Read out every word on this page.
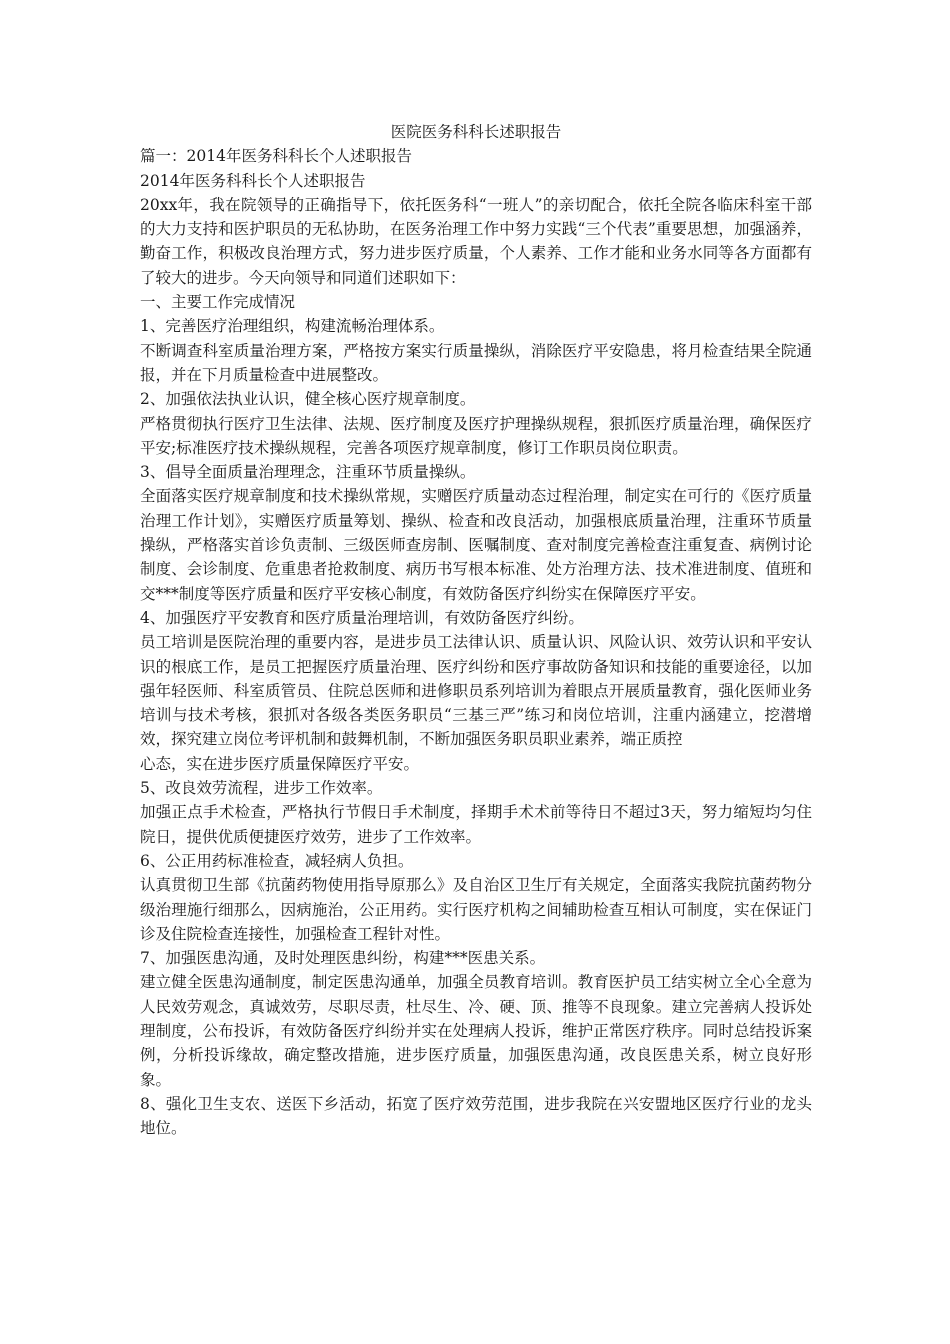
医院医务科科长述职报告

篇一：2014年医务科科长个人述职报告

2014年医务科科长个人述职报告

20xx年，我在院领导的正确指导下，依托医务科“一班人”的亲切配合，依托全院各临床科室干部的大力支持和医护职员的无私协助，在医务治理工作中努力实践“三个代表”重要思想，加强涵养，勤奋工作，积极改良治理方式，努力进步医疗质量，个人素养、工作才能和业务水同等各方面都有了较大的进步。今天向领导和同道们述职如下：

一、主要工作完成情况

1、完善医疗治理组织，构建流畅治理体系。

不断调查科室质量治理方案，严格按方案实行质量操纵，消除医疗平安隐患，将月检查结果全院通报，并在下月质量检查中进展整改。

2、加强依法执业认识，健全核心医疗规章制度。

严格贯彻执行医疗卫生法律、法规、医疗制度及医疗护理操纵规程，狠抓医疗质量治理，确保医疗平安;标准医疗技术操纵规程，完善各项医疗规章制度，修订工作职员岗位职责。

3、倡导全面质量治理理念，注重环节质量操纵。

全面落实医疗规章制度和技术操纵常规，实赠医疗质量动态过程治理，制定实在可行的《医疗质量治理工作计划》，实赠医疗质量筹划、操纵、检查和改良活动，加强根底质量治理，注重环节质量操纵，严格落实首诊负责制、三级医师查房制、医嘱制度、查对制度完善检查注重复查、病例讨论制度、会诊制度、危重患者抢救制度、病历书写根本标准、处方治理方法、技术准进制度、值班和交***制度等医疗质量和医疗平安核心制度，有效防备医疗纠纷实在保障医疗平安。

4、加强医疗平安教育和医疗质量治理培训，有效防备医疗纠纷。

员工培训是医院治理的重要内容，是进步员工法律认识、质量认识、风险认识、效劳认识和平安认识的根底工作，是员工把握医疗质量治理、医疗纠纷和医疗事故防备知识和技能的重要途径，以加强年轻医师、科室质管员、住院总医师和进修职员系列培训为着眼点开展质量教育，强化医师业务培训与技术考核，狠抓对各级各类医务职员“三基三严”练习和岗位培训，注重内涵建立，挖潜增效，探究建立岗位考评机制和鼓舞机制，不断加强医务职员职业素养，端正质控

心态，实在进步医疗质量保障医疗平安。

5、改良效劳流程，进步工作效率。

加强正点手术检查，严格执行节假日手术制度，择期手术术前等待日不超过3天，努力缩短均匀住院日，提供优质便捷医疗效劳，进步了工作效率。

6、公正用药标准检查，减轻病人负担。

认真贯彻卫生部《抗菌药物使用指导原那么》及自治区卫生厅有关规定，全面落实我院抗菌药物分级治理施行细那么，因病施治，公正用药。实行医疗机构之间辅助检查互相认可制度，实在保证门诊及住院检查连接性，加强检查工程针对性。

7、加强医患沟通，及时处理医患纠纷，构建***医患关系。

建立健全医患沟通制度，制定医患沟通单，加强全员教育培训。教育医护员工结实树立全心全意为人民效劳观念，真诚效劳，尽职尽责，杜尽生、冷、硬、顶、推等不良现象。建立完善病人投诉处理制度，公布投诉，有效防备医疗纠纷并实在处理病人投诉，维护正常医疗秩序。同时总结投诉案例，分析投诉缘故，确定整改措施，进步医疗质量，加强医患沟通，改良医患关系，树立良好形象。

8、强化卫生支农、送医下乡活动，拓宽了医疗效劳范围，进步我院在兴安盟地区医疗行业的龙头地位。
